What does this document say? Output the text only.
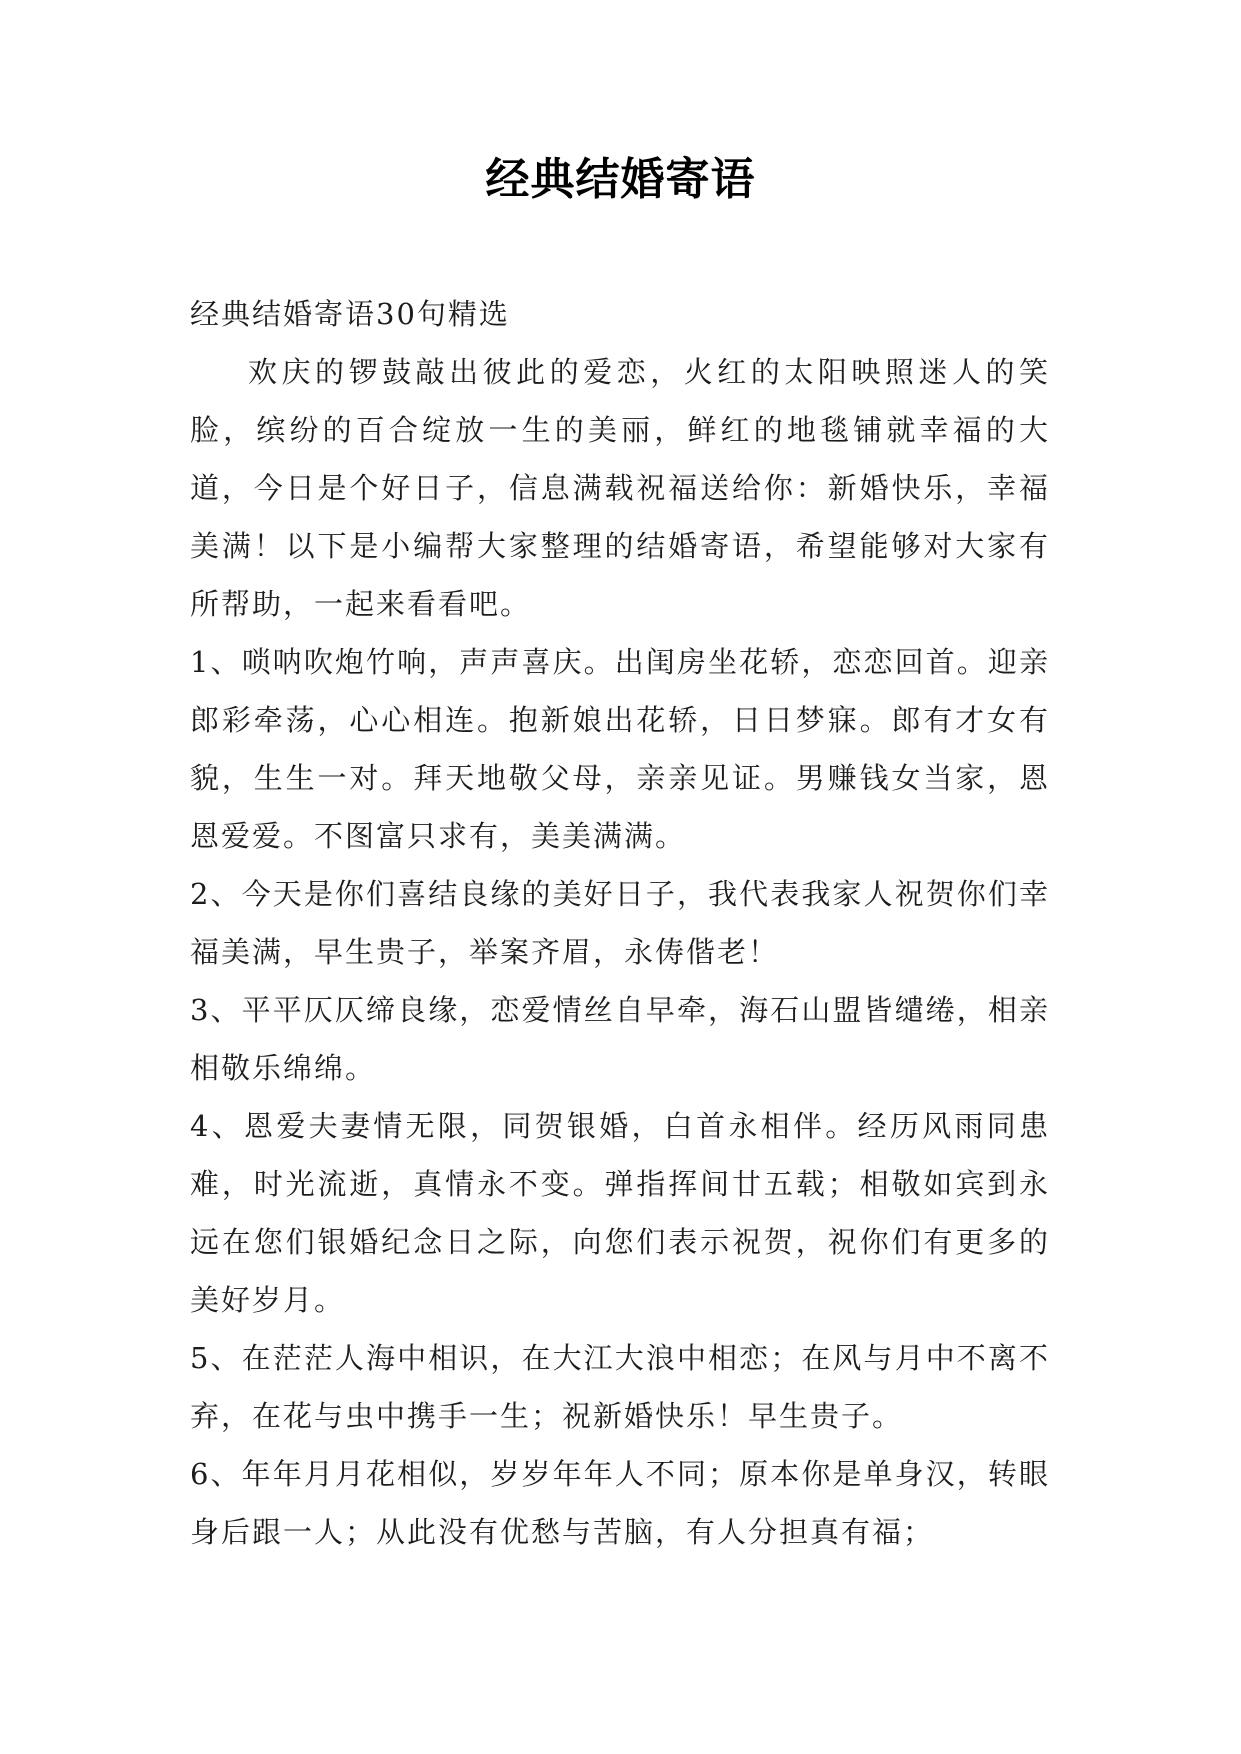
经典结婚寄语

经典结婚寄语30句精选

欢庆的锣鼓敲出彼此的爱恋，火红的太阳映照迷人的笑脸，缤纷的百合绽放一生的美丽，鲜红的地毯铺就幸福的大道，今日是个好日子，信息满载祝福送给你：新婚快乐，幸福美满！以下是小编帮大家整理的结婚寄语，希望能够对大家有所帮助，一起来看看吧。

1、唢呐吹炮竹响，声声喜庆。出闺房坐花轿，恋恋回首。迎亲郎彩牵荡，心心相连。抱新娘出花轿，日日梦寐。郎有才女有貌，生生一对。拜天地敬父母，亲亲见证。男赚钱女当家，恩恩爱爱。不图富只求有，美美满满。

2、今天是你们喜结良缘的美好日子，我代表我家人祝贺你们幸福美满，早生贵子，举案齐眉，永俦偕老！

3、平平仄仄缔良缘，恋爱情丝自早牵，海石山盟皆缱绻，相亲相敬乐绵绵。

4、恩爱夫妻情无限，同贺银婚，白首永相伴。经历风雨同患难，时光流逝，真情永不变。弹指挥间廿五载；相敬如宾到永远在您们银婚纪念日之际，向您们表示祝贺，祝你们有更多的美好岁月。

5、在茫茫人海中相识，在大江大浪中相恋；在风与月中不离不弃，在花与虫中携手一生；祝新婚快乐！早生贵子。

6、年年月月花相似，岁岁年年人不同；原本你是单身汉，转眼身后跟一人；从此没有优愁与苦脑，有人分担真有福；
